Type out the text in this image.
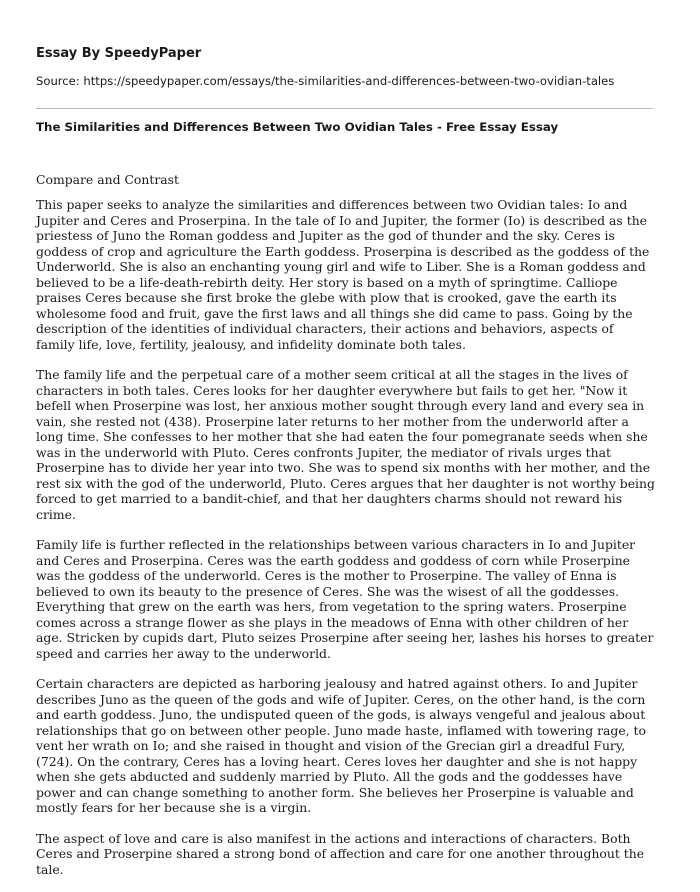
Essay By SpeedyPaper

Source: https://speedypaper.com/essays/the-similarities-and-differences-between-two-ovidian-tales

The Similarities and Differences Between Two Ovidian Tales - Free Essay Essay

Compare and Contrast

This paper seeks to analyze the similarities and differences between two Ovidian tales: Io and Jupiter and Ceres and Proserpina. In the tale of Io and Jupiter, the former (Io) is described as the priestess of Juno the Roman goddess and Jupiter as the god of thunder and the sky. Ceres is goddess of crop and agriculture the Earth goddess. Proserpina is described as the goddess of the Underworld. She is also an enchanting young girl and wife to Liber. She is a Roman goddess and believed to be a life-death-rebirth deity. Her story is based on a myth of springtime. Calliope praises Ceres because she first broke the glebe with plow that is crooked, gave the earth its wholesome food and fruit, gave the first laws and all things she did came to pass. Going by the description of the identities of individual characters, their actions and behaviors, aspects of family life, love, fertility, jealousy, and infidelity dominate both tales.

The family life and the perpetual care of a mother seem critical at all the stages in the lives of characters in both tales. Ceres looks for her daughter everywhere but fails to get her. "Now it befell when Proserpine was lost, her anxious mother sought through every land and every sea in vain, she rested not (438). Proserpine later returns to her mother from the underworld after a long time. She confesses to her mother that she had eaten the four pomegranate seeds when she was in the underworld with Pluto. Ceres confronts Jupiter, the mediator of rivals urges that Proserpine has to divide her year into two. She was to spend six months with her mother, and the rest six with the god of the underworld, Pluto. Ceres argues that her daughter is not worthy being forced to get married to a bandit-chief, and that her daughters charms should not reward his crime.

Family life is further reflected in the relationships between various characters in Io and Jupiter and Ceres and Proserpina. Ceres was the earth goddess and goddess of corn while Proserpine was the goddess of the underworld. Ceres is the mother to Proserpine. The valley of Enna is believed to own its beauty to the presence of Ceres. She was the wisest of all the goddesses. Everything that grew on the earth was hers, from vegetation to the spring waters. Proserpine comes across a strange flower as she plays in the meadows of Enna with other children of her age. Stricken by cupids dart, Pluto seizes Proserpine after seeing her, lashes his horses to greater speed and carries her away to the underworld.

Certain characters are depicted as harboring jealousy and hatred against others. Io and Jupiter describes Juno as the queen of the gods and wife of Jupiter. Ceres, on the other hand, is the corn and earth goddess. Juno, the undisputed queen of the gods, is always vengeful and jealous about relationships that go on between other people. Juno made haste, inflamed with towering rage, to vent her wrath on Io; and she raised in thought and vision of the Grecian girl a dreadful Fury, (724). On the contrary, Ceres has a loving heart. Ceres loves her daughter and she is not happy when she gets abducted and suddenly married by Pluto. All the gods and the goddesses have power and can change something to another form. She believes her Proserpine is valuable and mostly fears for her because she is a virgin.

The aspect of love and care is also manifest in the actions and interactions of characters. Both Ceres and Proserpine shared a strong bond of affection and care for one another throughout the tale.
